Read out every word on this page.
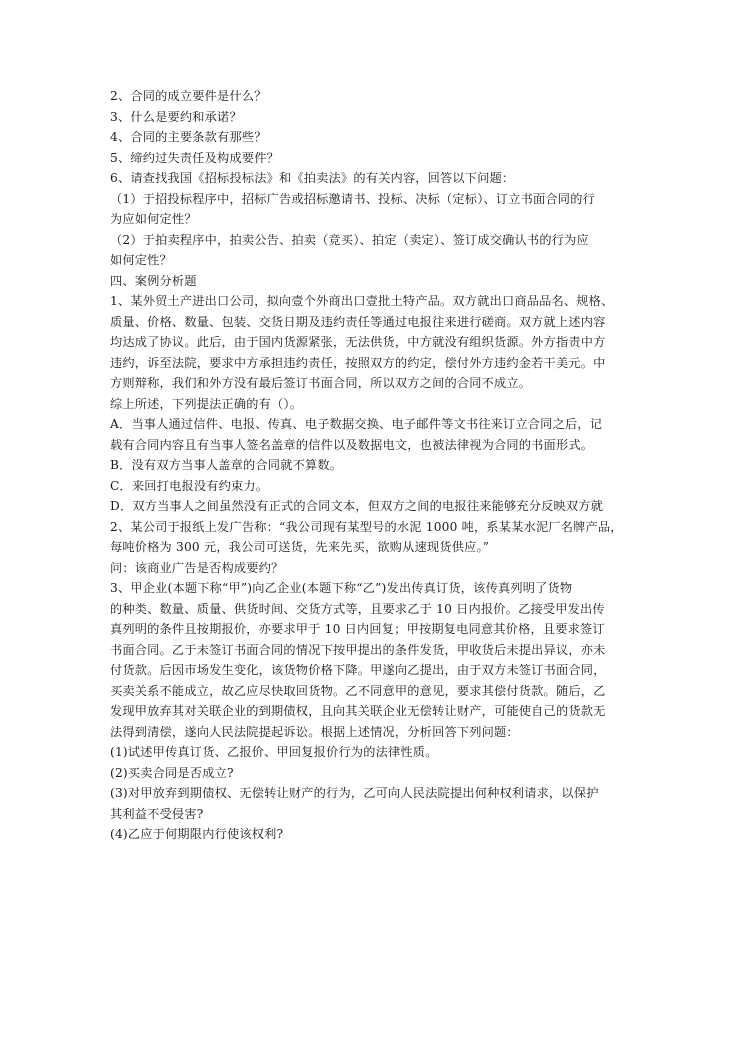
2、合同的成立要件是什么？
3、什么是要约和承诺？
4、合同的主要条款有那些？
5、缔约过失责任及构成要件？
6、请查找我国《招标投标法》和《拍卖法》的有关内容，回答以下问题：
（1）于招投标程序中，招标广告或招标邀请书、投标、决标（定标）、订立书面合同的行
为应如何定性？
（2）于拍卖程序中，拍卖公告、拍卖（竞买）、拍定（卖定）、签订成交确认书的行为应
如何定性？
四、案例分析题
1、某外贸土产进出口公司，拟向壹个外商出口壹批土特产品。双方就出口商品品名、规格、
质量、价格、数量、包装、交货日期及违约责任等通过电报往来进行磋商。双方就上述内容
均达成了协议。此后，由于国内货源紧张，无法供货，中方就没有组织货源。外方指责中方
违约，诉至法院，要求中方承担违约责任，按照双方的约定，偿付外方违约金若干美元。中
方则辩称，我们和外方没有最后签订书面合同，所以双方之间的合同不成立。
综上所述，下列提法正确的有（）。
A．当事人通过信件、电报、传真、电子数据交换、电子邮件等文书往来订立合同之后，记
载有合同内容且有当事人签名盖章的信件以及数据电文，也被法律视为合同的书面形式。
B．没有双方当事人盖章的合同就不算数。
C．来回打电报没有约束力。
D．双方当事人之间虽然没有正式的合同文本，但双方之间的电报往来能够充分反映双方就
2、某公司于报纸上发广告称：“我公司现有某型号的水泥 1000 吨，系某某水泥厂名牌产品，
每吨价格为 300 元，我公司可送货，先来先买，欲购从速现货供应。”
问：该商业广告是否构成要约？
3、甲企业(本题下称“甲”)向乙企业(本题下称“乙”)发出传真订货，该传真列明了货物
的种类、数量、质量、供货时间、交货方式等，且要求乙于 10 日内报价。乙接受甲发出传
真列明的条件且按期报价，亦要求甲于 10 日内回复；甲按期复电同意其价格，且要求签订
书面合同。乙于未签订书面合同的情况下按甲提出的条件发货，甲收货后未提出异议，亦未
付货款。后因市场发生变化，该货物价格下降。甲遂向乙提出，由于双方未签订书面合同，
买卖关系不能成立，故乙应尽快取回货物。乙不同意甲的意见，要求其偿付货款。随后，乙
发现甲放弃其对关联企业的到期债权，且向其关联企业无偿转让财产，可能使自己的货款无
法得到清偿，遂向人民法院提起诉讼。根据上述情况，分析回答下列问题：
(1)试述甲传真订货、乙报价、甲回复报价行为的法律性质。
(2)买卖合同是否成立?
(3)对甲放弃到期债权、无偿转让财产的行为，乙可向人民法院提出何种权利请求，以保护
其利益不受侵害?
(4)乙应于何期限内行使该权利?
